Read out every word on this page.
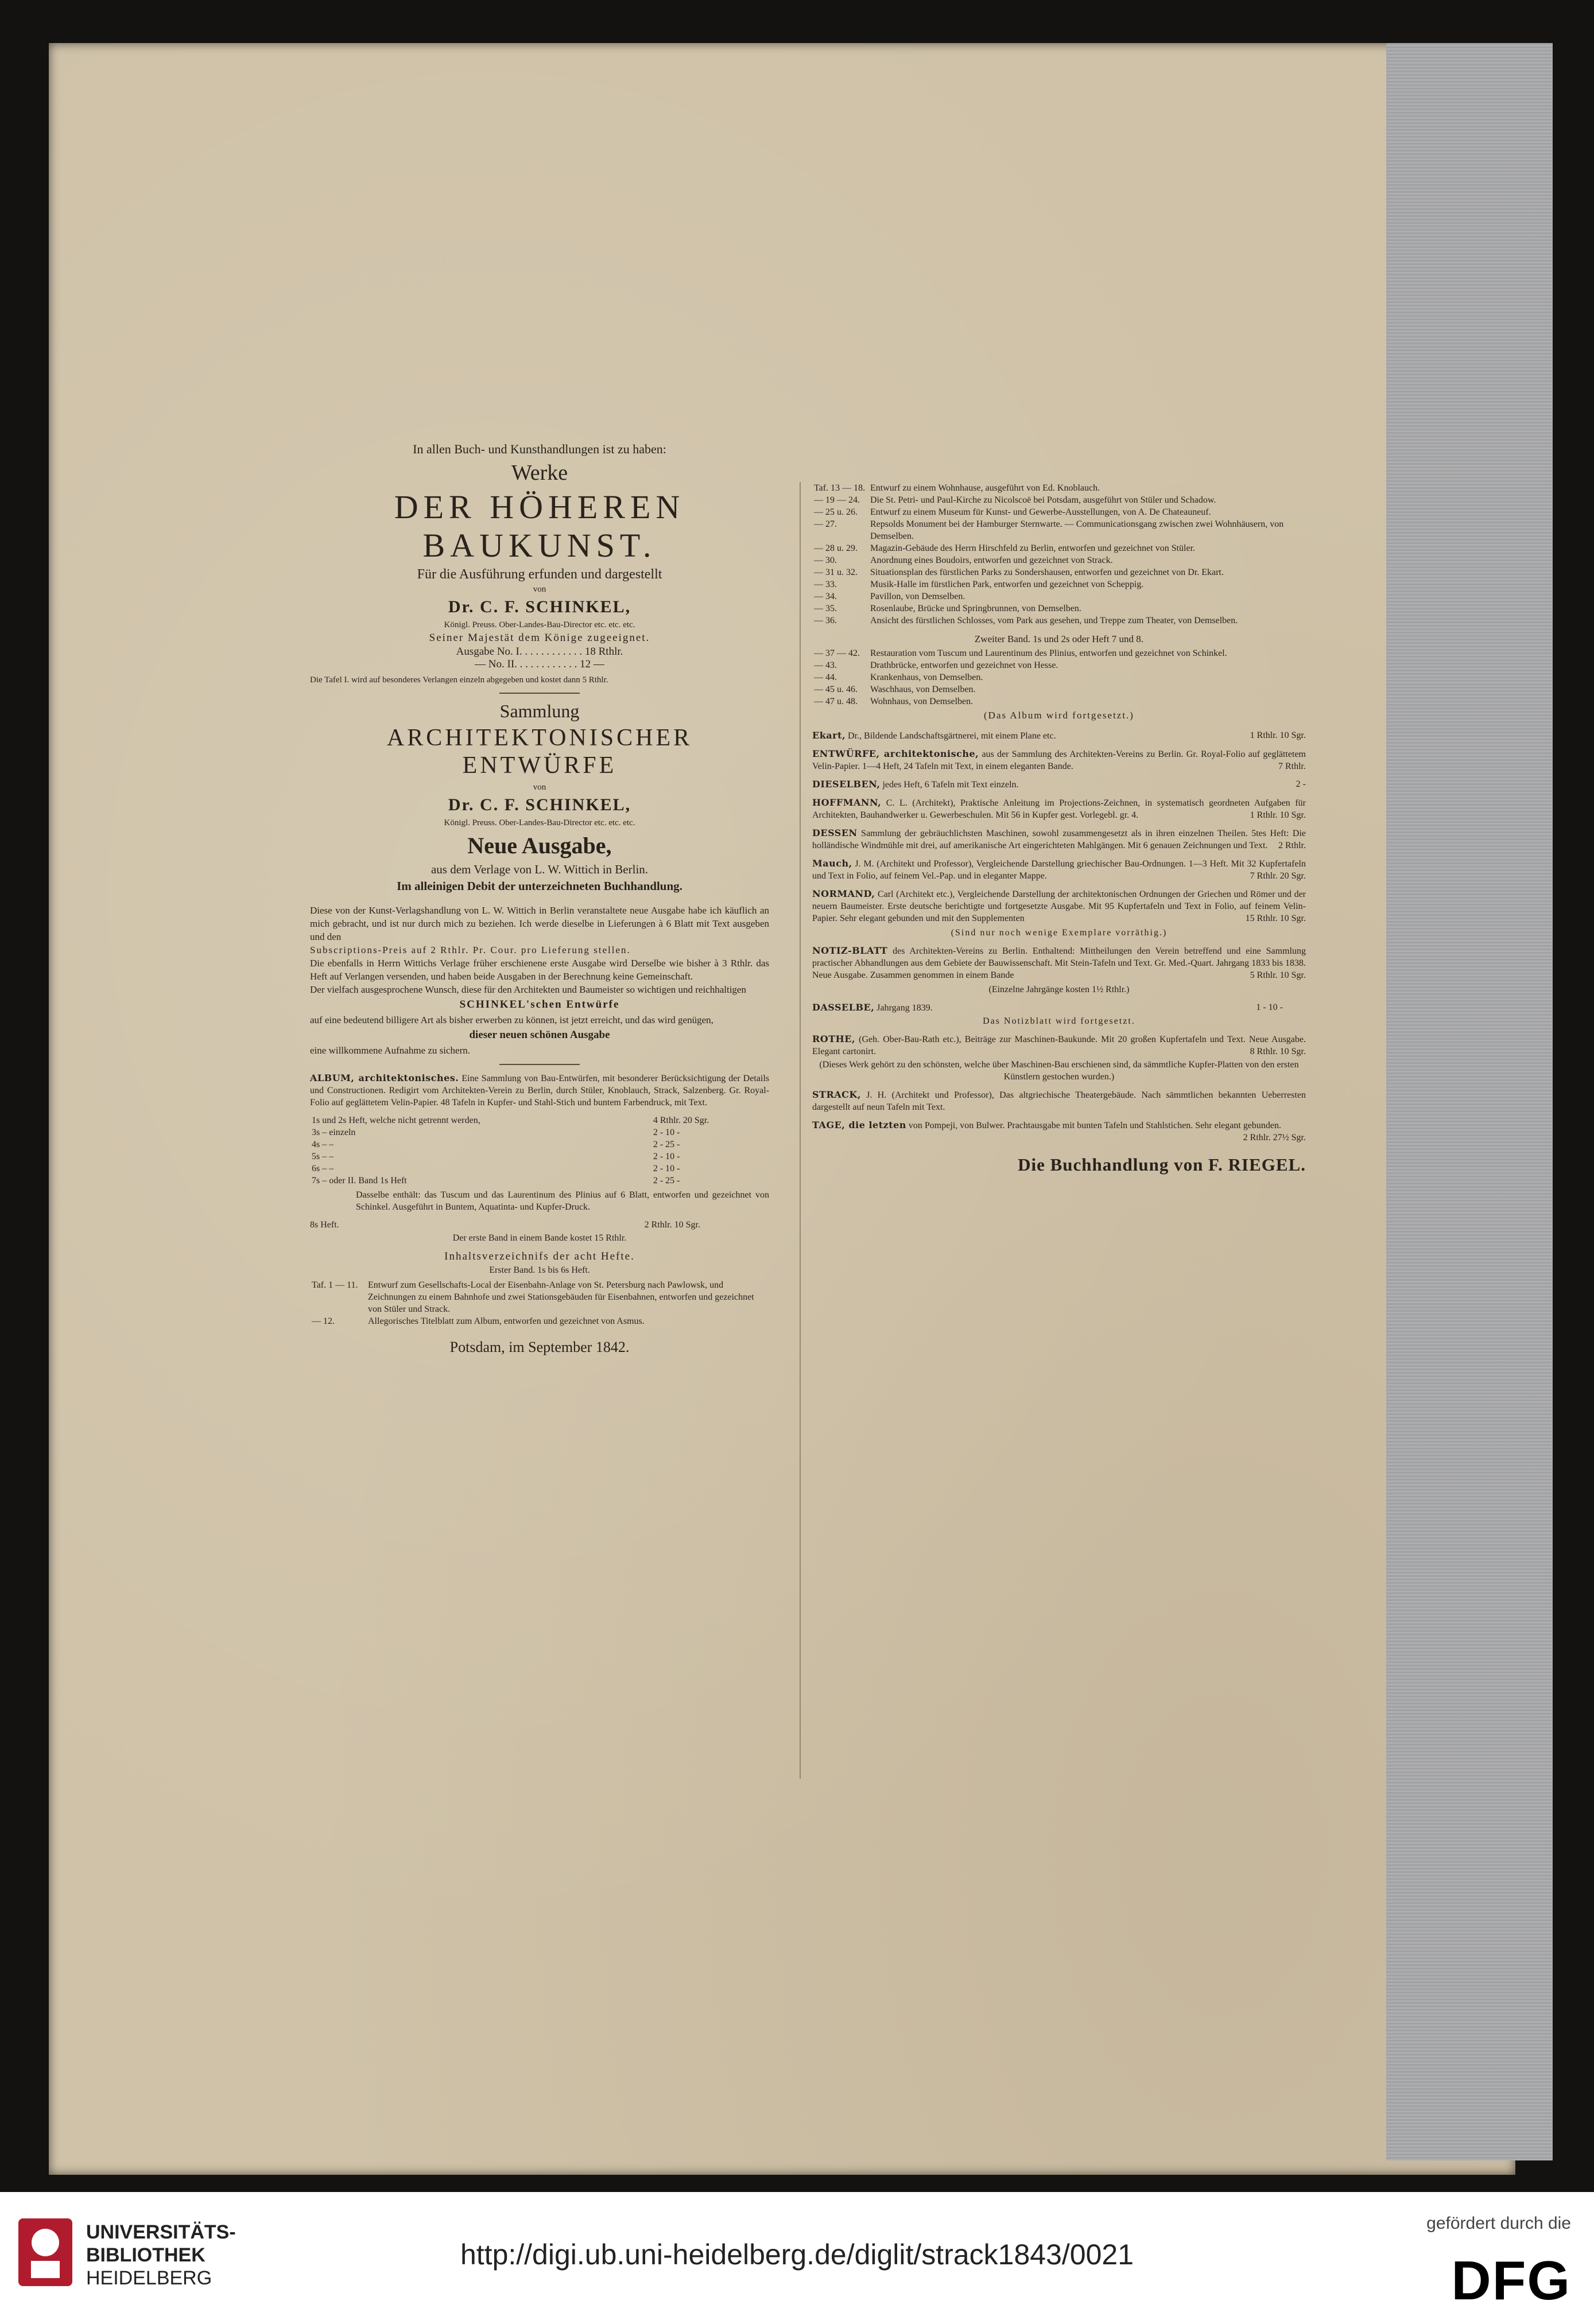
In allen Buch- und Kunsthandlungen ist zu haben:

Werke

DER HÖHEREN BAUKUNST.

Für die Ausführung erfunden und dargestellt

von

Dr. C. F. SCHINKEL,

Königl. Preuss. Ober-Landes-Bau-Director etc. etc. etc.

Seiner Majestät dem Könige zugeeignet.

Ausgabe No. I. . . . . . . . . . . . 18 Rthlr.

— No. II. . . . . . . . . . . . 12 —

Die Tafel I. wird auf besonderes Verlangen einzeln abgegeben und kostet dann 5 Rthlr.

Sammlung

ARCHITEKTONISCHER ENTWÜRFE

von

Dr. C. F. SCHINKEL,

Königl. Preuss. Ober-Landes-Bau-Director etc. etc. etc.

Neue Ausgabe,

aus dem Verlage von L. W. Wittich in Berlin.

Im alleinigen Debit der unterzeichneten Buchhandlung.

Diese von der Kunst-Verlagshandlung von L. W. Wittich in Berlin veranstaltete neue Ausgabe habe ich käuflich an mich gebracht, und ist nur durch mich zu beziehen. Ich werde dieselbe in Lieferungen à 6 Blatt mit Text ausgeben und den

Subscriptions-Preis auf 2 Rthlr. Pr. Cour. pro Lieferung stellen.

Die ebenfalls in Herrn Wittichs Verlage früher erschienene erste Ausgabe wird Derselbe wie bisher à 3 Rthlr. das Heft auf Verlangen versenden, und haben beide Ausgaben in der Berechnung keine Gemeinschaft.

Der vielfach ausgesprochene Wunsch, diese für den Architekten und Baumeister so wichtigen und reichhaltigen

SCHINKEL'schen Entwürfe

auf eine bedeutend billigere Art als bisher erwerben zu können, ist jetzt erreicht, und das wird genügen,

dieser neuen schönen Ausgabe

eine willkommene Aufnahme zu sichern.

ALBUM, architektonisches. Eine Sammlung von Bau-Entwürfen, mit besonderer Berücksichtigung der Details und Constructionen. Redigirt vom Architekten-Verein zu Berlin, durch Stüler, Knoblauch, Strack, Salzenberg. Gr. Royal-Folio auf geglättetem Velin-Papier. 48 Tafeln in Kupfer- und Stahl-Stich und buntem Farbendruck, mit Text.

1s und 2s Heft, welche nicht getrennt werden,	4 Rthlr. 20 Sgr.
3s – einzeln	2 - 10 -
4s – –	2 - 25 -
5s – –	2 - 10 -
6s – –	2 - 10 -
7s – oder II. Band 1s Heft	2 - 25 -

Dasselbe enthält: das Tuscum und das Laurentinum des Plinius auf 6 Blatt, entworfen und gezeichnet von Schinkel. Ausgeführt in Buntem, Aquatinta- und Kupfer-Druck.

8s Heft.	2 Rthlr. 10 Sgr.

Der erste Band in einem Bande kostet 15 Rthlr.

Inhaltsverzeichnifs der acht Hefte.

Erster Band. 1s bis 6s Heft.

Taf. 1 — 11.	Entwurf zum Gesellschafts-Local der Eisenbahn-Anlage von St. Petersburg nach Pawlowsk, und Zeichnungen zu einem Bahnhofe und zwei Stationsgebäuden für Eisenbahnen, entworfen und gezeichnet von Stüler und Strack.
— 12.	Allegorisches Titelblatt zum Album, entworfen und gezeichnet von Asmus.

Potsdam, im September 1842.

Taf. 13 — 18.	Entwurf zu einem Wohnhause, ausgeführt von Ed. Knoblauch.
— 19 — 24.	Die St. Petri- und Paul-Kirche zu Nicolscoë bei Potsdam, ausgeführt von Stüler und Schadow.
— 25 u. 26.	Entwurf zu einem Museum für Kunst- und Gewerbe-Ausstellungen, von A. De Chateauneuf.
— 27.	Repsolds Monument bei der Hamburger Sternwarte. — Communicationsgang zwischen zwei Wohnhäusern, von Demselben.
— 28 u. 29.	Magazin-Gebäude des Herrn Hirschfeld zu Berlin, entworfen und gezeichnet von Stüler.
— 30.	Anordnung eines Boudoirs, entworfen und gezeichnet von Strack.
— 31 u. 32.	Situationsplan des fürstlichen Parks zu Sondershausen, entworfen und gezeichnet von Dr. Ekart.
— 33.	Musik-Halle im fürstlichen Park, entworfen und gezeichnet von Scheppig.
— 34.	Pavillon, von Demselben.
— 35.	Rosenlaube, Brücke und Springbrunnen, von Demselben.
— 36.	Ansicht des fürstlichen Schlosses, vom Park aus gesehen, und Treppe zum Theater, von Demselben.

Zweiter Band. 1s und 2s oder Heft 7 und 8.

— 37 — 42.	Restauration vom Tuscum und Laurentinum des Plinius, entworfen und gezeichnet von Schinkel.
— 43.	Drathbrücke, entworfen und gezeichnet von Hesse.
— 44.	Krankenhaus, von Demselben.
— 45 u. 46.	Waschhaus, von Demselben.
— 47 u. 48.	Wohnhaus, von Demselben.

(Das Album wird fortgesetzt.)

Ekart, Dr., Bildende Landschaftsgärtnerei, mit einem Plane etc.	1 Rthlr. 10 Sgr.

ENTWÜRFE, architektonische, aus der Sammlung des Architekten-Vereins zu Berlin. Gr. Royal-Folio auf geglättetem Velin-Papier. 1—4 Heft, 24 Tafeln mit Text, in einem eleganten Bande.	7 Rthlr.

DIESELBEN, jedes Heft, 6 Tafeln mit Text einzeln.	2 -

HOFFMANN, C. L. (Architekt), Praktische Anleitung im Projections-Zeichnen, in systematisch geordneten Aufgaben für Architekten, Bauhandwerker u. Gewerbeschulen. Mit 56 in Kupfer gest. Vorlegebl. gr. 4.	1 Rthlr. 10 Sgr.

DESSEN Sammlung der gebräuchlichsten Maschinen, sowohl zusammengesetzt als in ihren einzelnen Theilen. 5tes Heft: Die holländische Windmühle mit drei, auf amerikanische Art eingerichteten Mahlgängen. Mit 6 genauen Zeichnungen und Text. 2 Rthlr.

Mauch, J. M. (Architekt und Professor), Vergleichende Darstellung griechischer Bau-Ordnungen. 1—3 Heft. Mit 32 Kupfertafeln und Text in Folio, auf feinem Vel.-Pap. und in eleganter Mappe.	7 Rthlr. 20 Sgr.

NORMAND, Carl (Architekt etc.), Vergleichende Darstellung der architektonischen Ordnungen der Griechen und Römer und der neuern Baumeister. Erste deutsche berichtigte und fortgesetzte Ausgabe. Mit 95 Kupfertafeln und Text in Folio, auf feinem Velin-Papier. Sehr elegant gebunden und mit den Supplementen	15 Rthlr. 10 Sgr.

(Sind nur noch wenige Exemplare vorräthig.)

NOTIZ-BLATT des Architekten-Vereins zu Berlin. Enthaltend: Mittheilungen den Verein betreffend und eine Sammlung practischer Abhandlungen aus dem Gebiete der Bauwissenschaft. Mit Stein-Tafeln und Text. Gr. Med.-Quart. Jahrgang 1833 bis 1838. Neue Ausgabe. Zusammen genommen in einem Bande	5 Rthlr. 10 Sgr.

(Einzelne Jahrgänge kosten 1½ Rthlr.)

DASSELBE, Jahrgang 1839.	1 - 10 -

Das Notizblatt wird fortgesetzt.

ROTHE, (Geh. Ober-Bau-Rath etc.), Beiträge zur Maschinen-Baukunde. Mit 20 großen Kupfertafeln und Text. Neue Ausgabe. Elegant cartonirt.	8 Rthlr. 10 Sgr.

(Dieses Werk gehört zu den schönsten, welche über Maschinen-Bau erschienen sind, da sämmtliche Kupfer-Platten von den ersten Künstlern gestochen wurden.)

STRACK, J. H. (Architekt und Professor), Das altgriechische Theatergebäude. Nach sämmtlichen bekannten Ueberresten dargestellt auf neun Tafeln mit Text.

TAGE, die letzten von Pompeji, von Bulwer. Prachtausgabe mit bunten Tafeln und Stahlstichen. Sehr elegant gebunden.
2 Rthlr. 27½ Sgr.

Die Buchhandlung von F. RIEGEL.

UNIVERSITÄTS-
BIBLIOTHEK
HEIDELBERG
http://digi.ub.uni-heidelberg.de/diglit/strack1843/0021
gefördert durch die
DFG
